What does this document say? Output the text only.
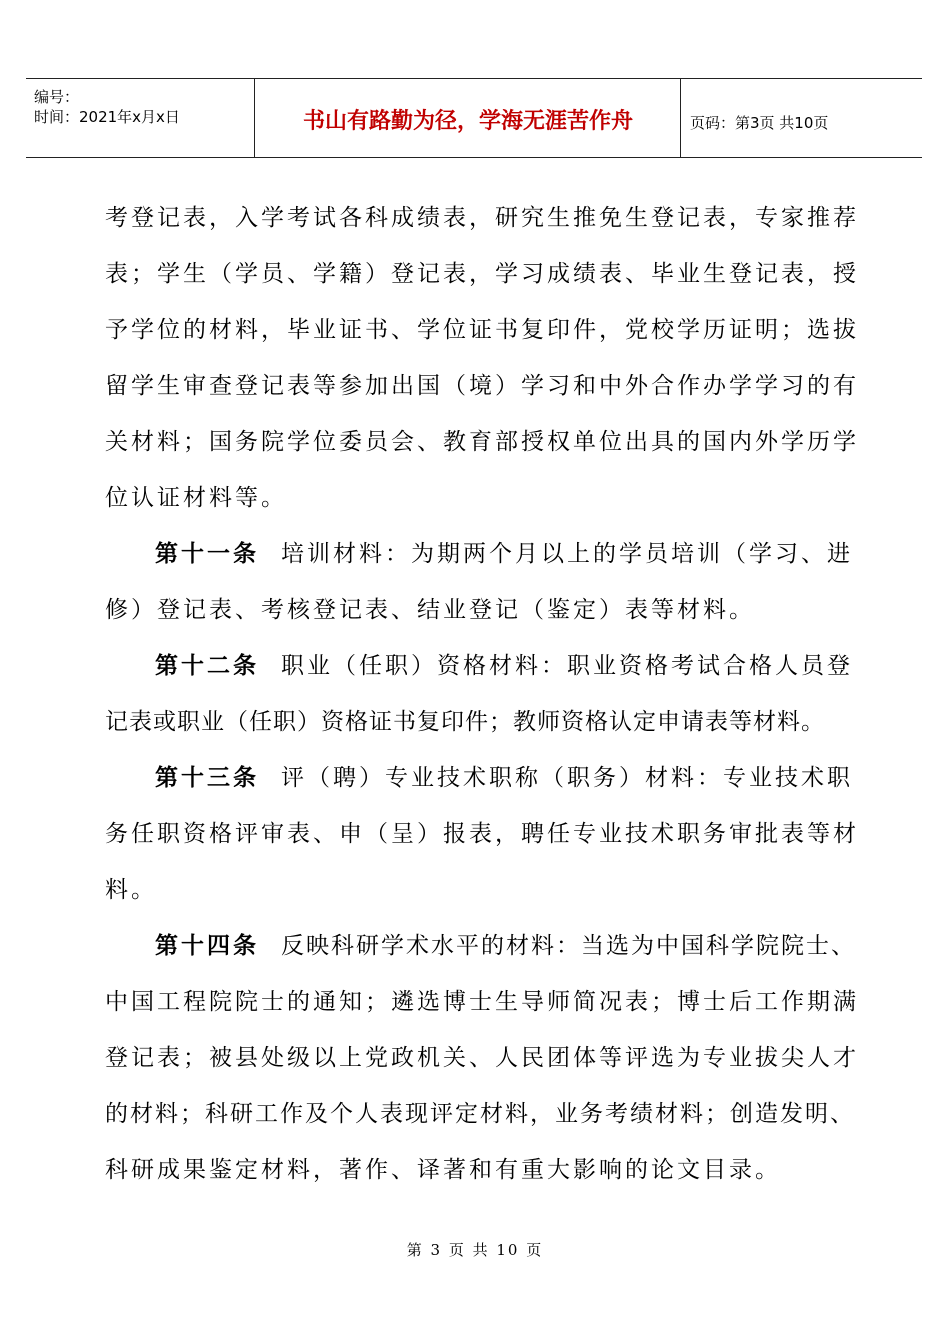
编号：
时间：2021年x月x日	书山有路勤为径，学海无涯苦作舟	页码：第3页 共10页
考登记表，入学考试各科成绩表，研究生推免生登记表，专家推荐
表；学生（学员、学籍）登记表，学习成绩表、毕业生登记表，授
予学位的材料，毕业证书、学位证书复印件，党校学历证明；选拔
留学生审查登记表等参加出国（境）学习和中外合作办学学习的有
关材料；国务院学位委员会、教育部授权单位出具的国内外学历学
位认证材料等。
第十一条 培训材料：为期两个月以上的学员培训（学习、进
修）登记表、考核登记表、结业登记（鉴定）表等材料。
第十二条 职业（任职）资格材料：职业资格考试合格人员登
记表或职业（任职）资格证书复印件；教师资格认定申请表等材料。
第十三条 评（聘）专业技术职称（职务）材料：专业技术职
务任职资格评审表、申（呈）报表，聘任专业技术职务审批表等材
料。
第十四条 反映科研学术水平的材料：当选为中国科学院院士、
中国工程院院士的通知；遴选博士生导师简况表；博士后工作期满
登记表；被县处级以上党政机关、人民团体等评选为专业拔尖人才
的材料；科研工作及个人表现评定材料，业务考绩材料；创造发明、
科研成果鉴定材料，著作、译著和有重大影响的论文目录。
第 3 页 共 10 页
